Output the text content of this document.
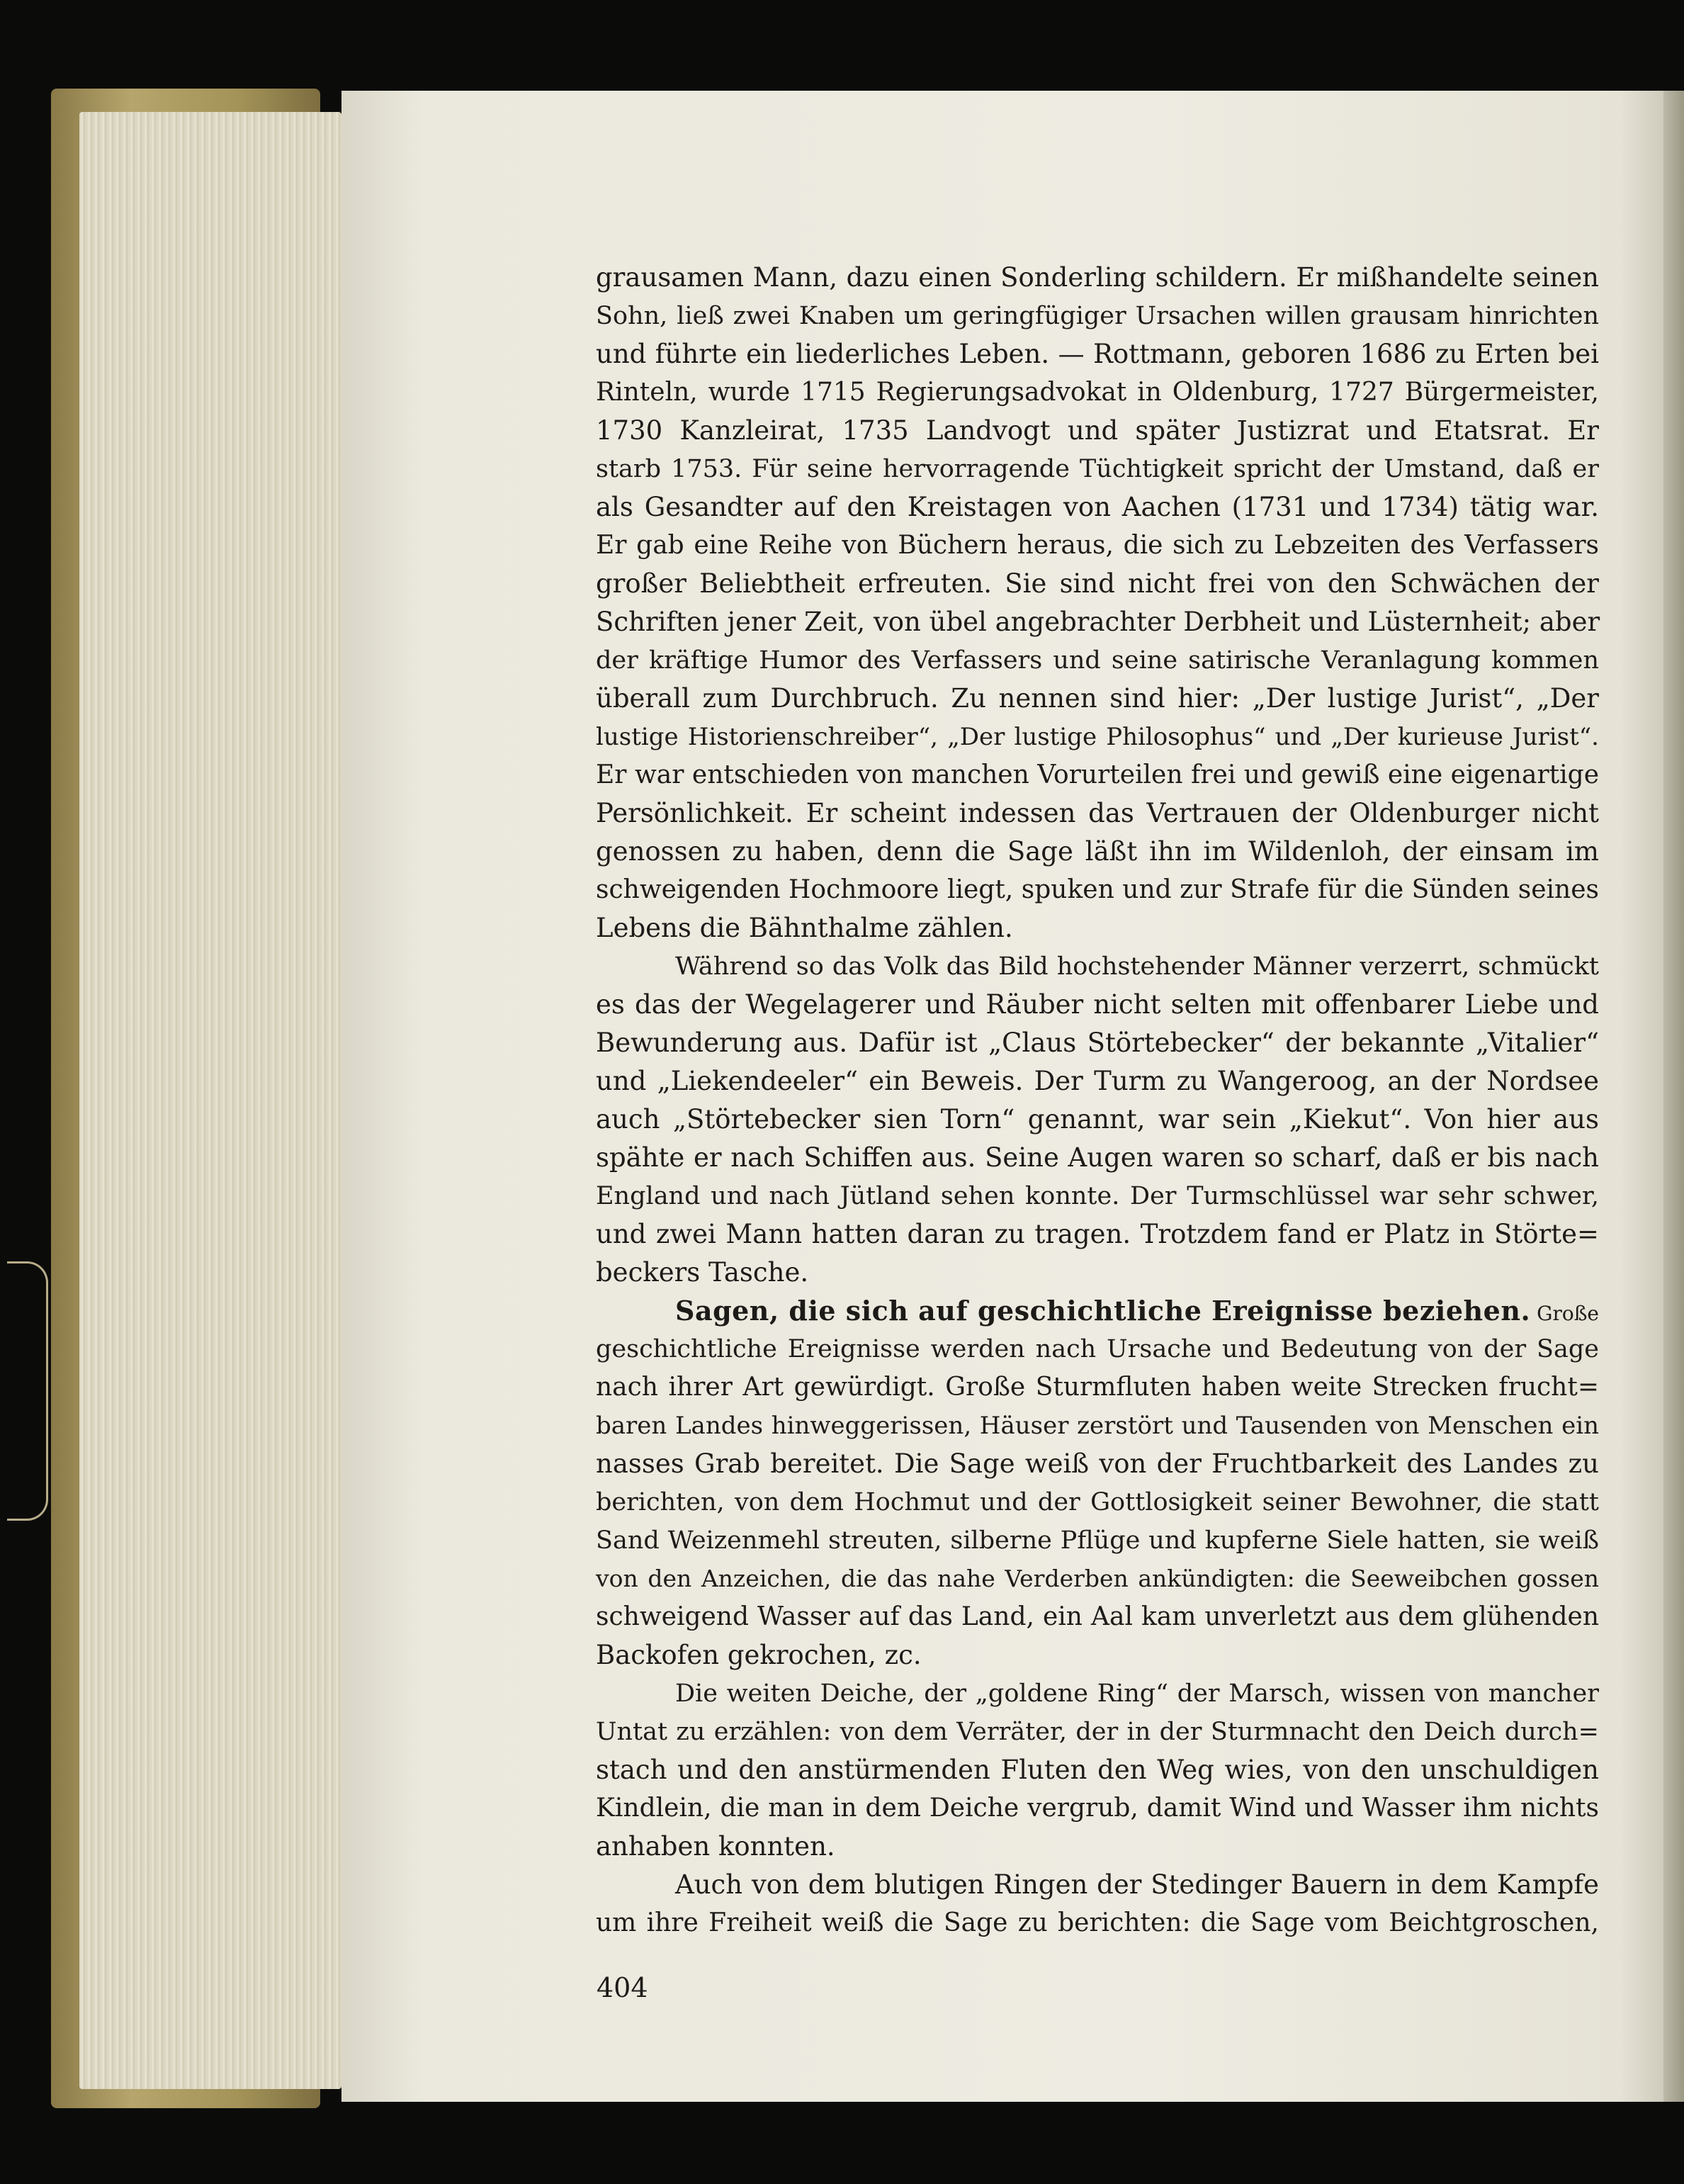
grausamen Mann, dazu einen Sonderling schildern. Er mißhandelte seinen
Sohn, ließ zwei Knaben um geringfügiger Ursachen willen grausam hinrichten
und führte ein liederliches Leben. — Rottmann, geboren 1686 zu Erten bei
Rinteln, wurde 1715 Regierungsadvokat in Oldenburg, 1727 Bürgermeister,
1730 Kanzleirat, 1735 Landvogt und später Justizrat und Etatsrat. Er
starb 1753. Für seine hervorragende Tüchtigkeit spricht der Umstand, daß er
als Gesandter auf den Kreistagen von Aachen (1731 und 1734) tätig war.
Er gab eine Reihe von Büchern heraus, die sich zu Lebzeiten des Verfassers
großer Beliebtheit erfreuten. Sie sind nicht frei von den Schwächen der
Schriften jener Zeit, von übel angebrachter Derbheit und Lüsternheit; aber
der kräftige Humor des Verfassers und seine satirische Veranlagung kommen
überall zum Durchbruch. Zu nennen sind hier: „Der lustige Jurist“, „Der
lustige Historienschreiber“, „Der lustige Philosophus“ und „Der kurieuse Jurist“.
Er war entschieden von manchen Vorurteilen frei und gewiß eine eigenartige
Persönlichkeit. Er scheint indessen das Vertrauen der Oldenburger nicht
genossen zu haben, denn die Sage läßt ihn im Wildenloh, der einsam im
schweigenden Hochmoore liegt, spuken und zur Strafe für die Sünden seines
Lebens die Bähnthalme zählen.
Während so das Volk das Bild hochstehender Männer verzerrt, schmückt
es das der Wegelagerer und Räuber nicht selten mit offenbarer Liebe und
Bewunderung aus. Dafür ist „Claus Störtebecker“ der bekannte „Vitalier“
und „Liekendeeler“ ein Beweis. Der Turm zu Wangeroog, an der Nordsee
auch „Störtebecker sien Torn“ genannt, war sein „Kiekut“. Von hier aus
spähte er nach Schiffen aus. Seine Augen waren so scharf, daß er bis nach
England und nach Jütland sehen konnte. Der Turmschlüssel war sehr schwer,
und zwei Mann hatten daran zu tragen. Trotzdem fand er Platz in Störte=
beckers Tasche.
Sagen, die sich auf geschichtliche Ereignisse beziehen. Große
geschichtliche Ereignisse werden nach Ursache und Bedeutung von der Sage
nach ihrer Art gewürdigt. Große Sturmfluten haben weite Strecken frucht=
baren Landes hinweggerissen, Häuser zerstört und Tausenden von Menschen ein
nasses Grab bereitet. Die Sage weiß von der Fruchtbarkeit des Landes zu
berichten, von dem Hochmut und der Gottlosigkeit seiner Bewohner, die statt
Sand Weizenmehl streuten, silberne Pflüge und kupferne Siele hatten, sie weiß
von den Anzeichen, die das nahe Verderben ankündigten: die Seeweibchen gossen
schweigend Wasser auf das Land, ein Aal kam unverletzt aus dem glühenden
Backofen gekrochen, zc.
Die weiten Deiche, der „goldene Ring“ der Marsch, wissen von mancher
Untat zu erzählen: von dem Verräter, der in der Sturmnacht den Deich durch=
stach und den anstürmenden Fluten den Weg wies, von den unschuldigen
Kindlein, die man in dem Deiche vergrub, damit Wind und Wasser ihm nichts
anhaben konnten.
Auch von dem blutigen Ringen der Stedinger Bauern in dem Kampfe
um ihre Freiheit weiß die Sage zu berichten: die Sage vom Beichtgroschen,
404
